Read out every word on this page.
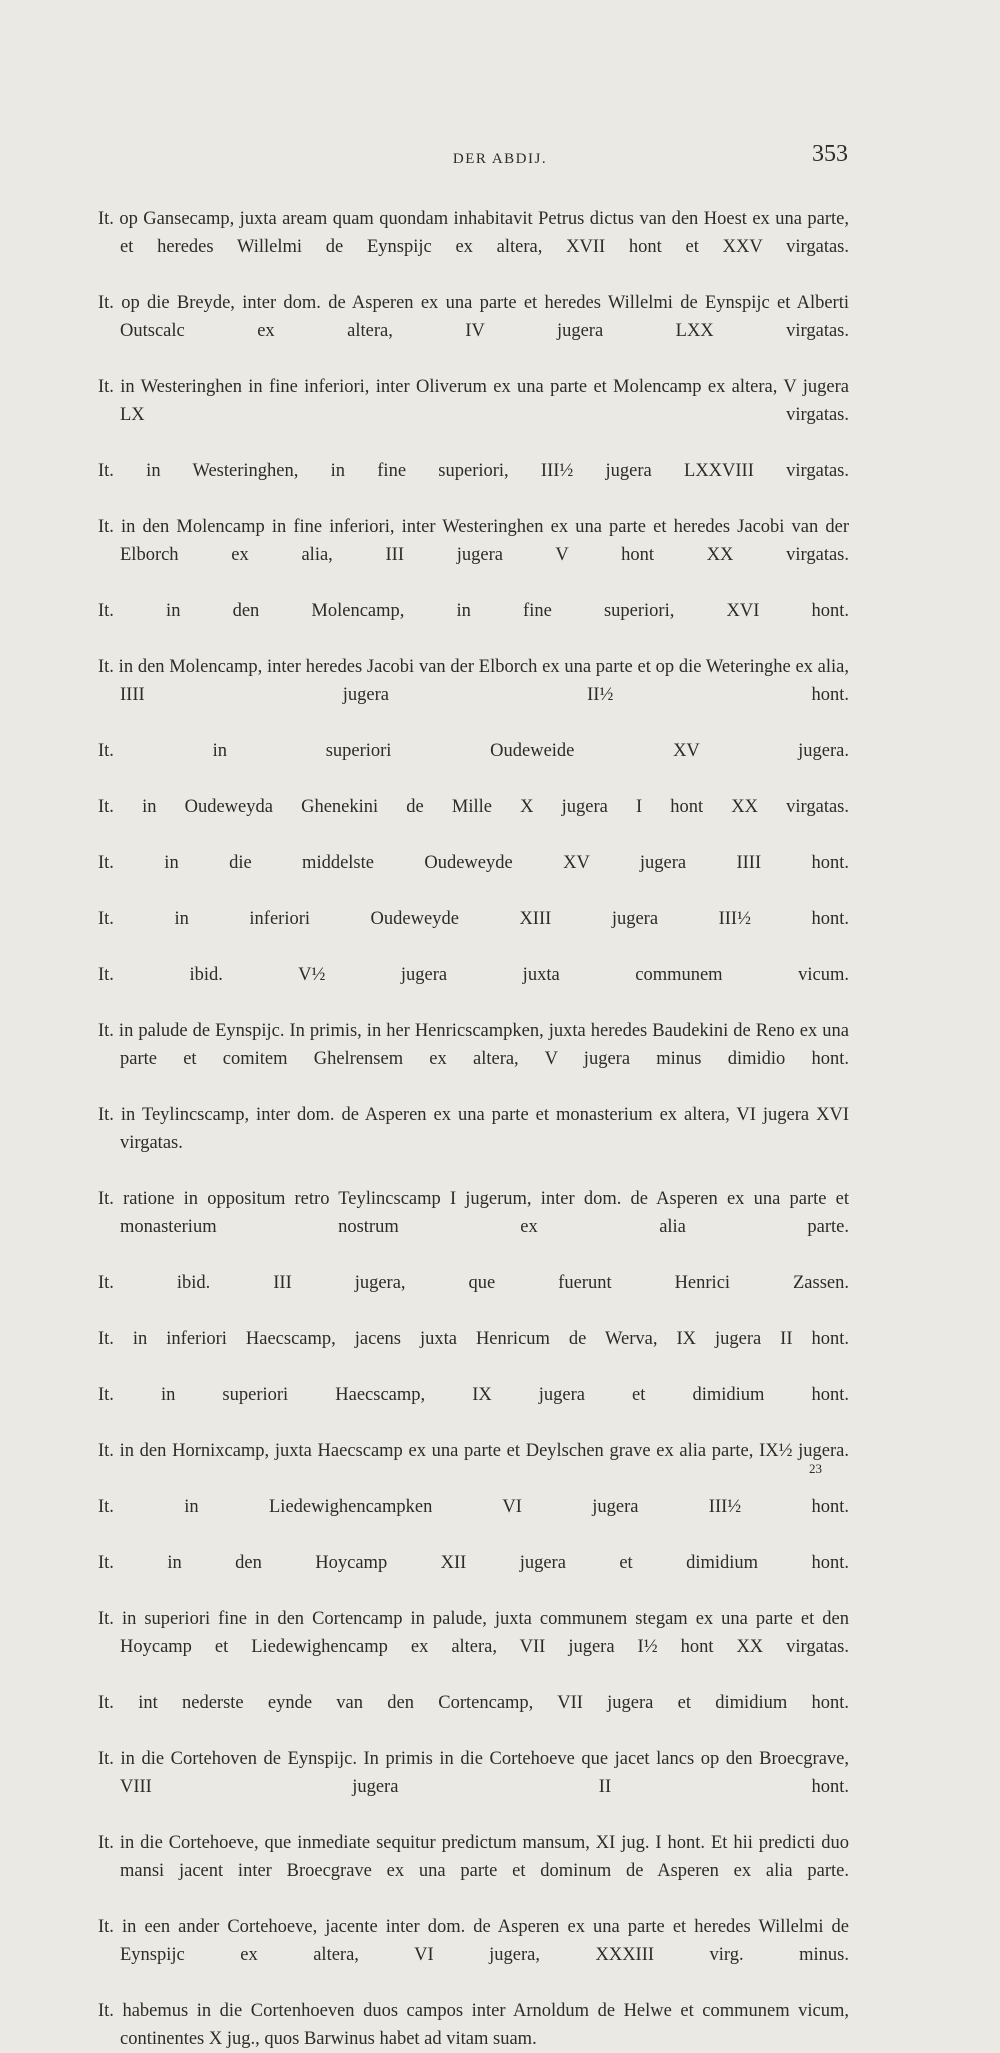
DER ABDIJ.	353

It. op Gansecamp, juxta aream quam quondam inhabitavit Petrus dictus van den Hoest ex una parte, et heredes Willelmi de Eynspijc ex altera, XVII hont et XXV virgatas.

It. op die Breyde, inter dom. de Asperen ex una parte et heredes Willelmi de Eynspijc et Alberti Outscalc ex altera, IV jugera LXX virgatas.

It. in Westeringhen in fine inferiori, inter Oliverum ex una parte et Molencamp ex altera, V jugera LX virgatas.

It. in Westeringhen, in fine superiori, III½ jugera LXXVIII virgatas.

It. in den Molencamp in fine inferiori, inter Westeringhen ex una parte et heredes Jacobi van der Elborch ex alia, III jugera V hont XX virgatas.

It. in den Molencamp, in fine superiori, XVI hont.

It. in den Molencamp, inter heredes Jacobi van der Elborch ex una parte et op die Weteringhe ex alia, IIII jugera II½ hont.

It. in superiori Oudeweide XV jugera.

It. in Oudeweyda Ghenekini de Mille X jugera I hont XX virgatas.

It. in die middelste Oudeweyde XV jugera IIII hont.

It. in inferiori Oudeweyde XIII jugera III½ hont.

It. ibid. V½ jugera juxta communem vicum.

It. in palude de Eynspijc. In primis, in her Henricscampken, juxta heredes Baudekini de Reno ex una parte et comitem Ghelrensem ex altera, V jugera minus dimidio hont.

It. in Teylincscamp, inter dom. de Asperen ex una parte et monasterium ex altera, VI jugera XVI virgatas.

It. ratione in oppositum retro Teylincscamp I jugerum, inter dom. de Asperen ex una parte et monasterium nostrum ex alia parte.

It. ibid. III jugera, que fuerunt Henrici Zassen.

It. in inferiori Haecscamp, jacens juxta Henricum de Werva, IX jugera II hont.

It. in superiori Haecscamp, IX jugera et dimidium hont.

It. in den Hornixcamp, juxta Haecscamp ex una parte et Deylschen grave ex alia parte, IX½ jugera.

It. in Liedewighencampken VI jugera III½ hont.

It. in den Hoycamp XII jugera et dimidium hont.

It. in superiori fine in den Cortencamp in palude, juxta communem stegam ex una parte et den Hoycamp et Liedewighencamp ex altera, VII jugera I½ hont XX virgatas.

It. int nederste eynde van den Cortencamp, VII jugera et dimidium hont.

It. in die Cortehoven de Eynspijc. In primis in die Cortehoeve que jacet lancs op den Broecgrave, VIII jugera II hont.

It. in die Cortehoeve, que inmediate sequitur predictum mansum, XI jug. I hont. Et hii predicti duo mansi jacent inter Broecgrave ex una parte et dominum de Asperen ex alia parte.

It. in een ander Cortehoeve, jacente inter dom. de Asperen ex una parte et heredes Willelmi de Eynspijc ex altera, VI jugera, XXXIII virg. minus.

It. habemus in die Cortenhoeven duos campos inter Arnoldum de Helwe et communem vicum, continentes X jug., quos Barwinus habet ad vitam suam.

23
